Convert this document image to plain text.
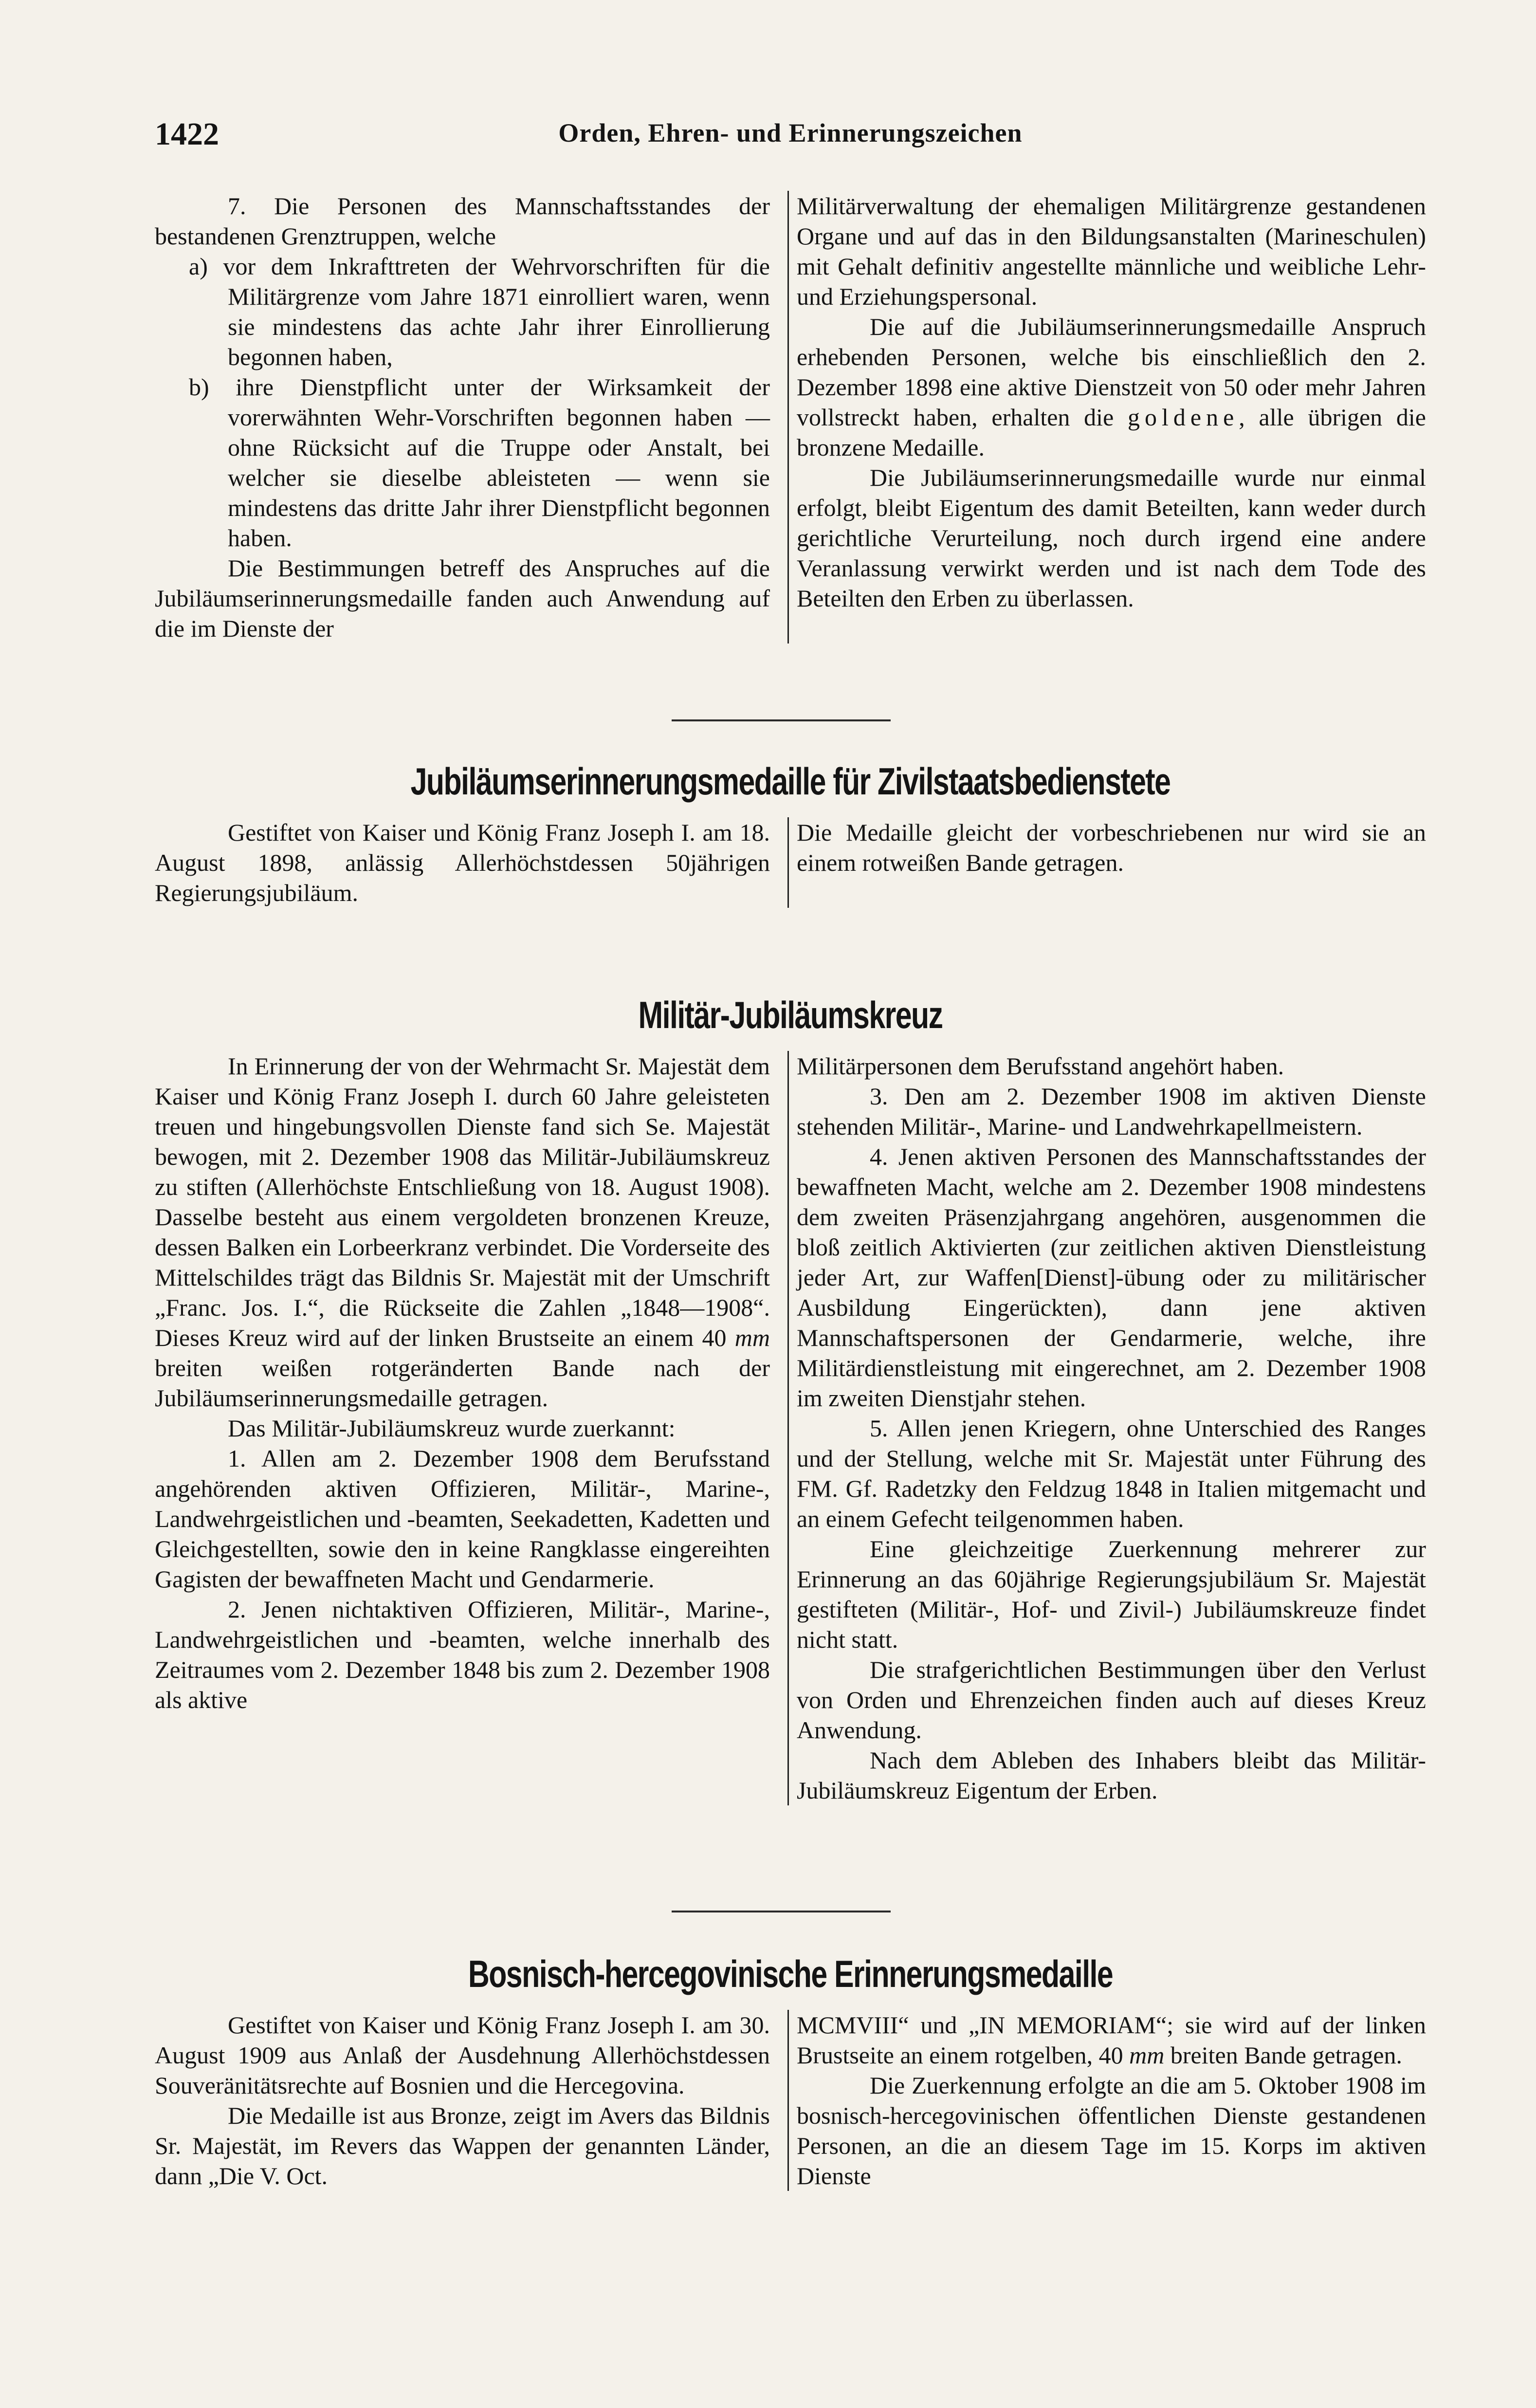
1422	Orden, Ehren- und Erinnerungszeichen

7. Die Personen des Mannschaftsstandes der bestandenen Grenztruppen, welche

a) vor dem Inkrafttreten der Wehrvorschriften für die Militärgrenze vom Jahre 1871 einrolliert waren, wenn sie mindestens das achte Jahr ihrer Einrollierung begonnen haben,

b) ihre Dienstpflicht unter der Wirksamkeit der vorerwähnten Wehr-Vorschriften begonnen haben — ohne Rücksicht auf die Truppe oder Anstalt, bei welcher sie dieselbe ableisteten — wenn sie mindestens das dritte Jahr ihrer Dienstpflicht begonnen haben.

Die Bestimmungen betreff des Anspruches auf die Jubiläumserinnerungsmedaille fanden auch Anwendung auf die im Dienste der

Militärverwaltung der ehemaligen Militärgrenze gestandenen Organe und auf das in den Bildungsanstalten (Marineschulen) mit Gehalt definitiv angestellte männliche und weibliche Lehr- und Erziehungspersonal.

Die auf die Jubiläumserinnerungsmedaille Anspruch erhebenden Personen, welche bis einschließlich den 2. Dezember 1898 eine aktive Dienstzeit von 50 oder mehr Jahren vollstreckt haben, erhalten die goldene, alle übrigen die bronzene Medaille.

Die Jubiläumserinnerungsmedaille wurde nur einmal erfolgt, bleibt Eigentum des damit Beteilten, kann weder durch gerichtliche Verurteilung, noch durch irgend eine andere Veranlassung verwirkt werden und ist nach dem Tode des Beteilten den Erben zu überlassen.

Jubiläumserinnerungsmedaille für Zivilstaatsbedienstete

Gestiftet von Kaiser und König Franz Joseph I. am 18. August 1898, anlässig Allerhöchstdessen 50jährigen Regierungsjubiläum.

Die Medaille gleicht der vorbeschriebenen nur wird sie an einem rotweißen Bande getragen.

Militär-Jubiläumskreuz

In Erinnerung der von der Wehrmacht Sr. Majestät dem Kaiser und König Franz Joseph I. durch 60 Jahre geleisteten treuen und hingebungsvollen Dienste fand sich Se. Majestät bewogen, mit 2. Dezember 1908 das Militär-Jubiläumskreuz zu stiften (Allerhöchste Entschließung von 18. August 1908). Dasselbe besteht aus einem vergoldeten bronzenen Kreuze, dessen Balken ein Lorbeerkranz verbindet. Die Vorderseite des Mittelschildes trägt das Bildnis Sr. Majestät mit der Umschrift „Franc. Jos. I.“, die Rückseite die Zahlen „1848—1908“. Dieses Kreuz wird auf der linken Brustseite an einem 40 mm breiten weißen rotgeränderten Bande nach der Jubiläumserinnerungsmedaille getragen.

Das Militär-Jubiläumskreuz wurde zuerkannt:

1. Allen am 2. Dezember 1908 dem Berufsstand angehörenden aktiven Offizieren, Militär-, Marine-, Landwehrgeistlichen und -beamten, Seekadetten, Kadetten und Gleichgestellten, sowie den in keine Rangklasse eingereihten Gagisten der bewaffneten Macht und Gendarmerie.

2. Jenen nichtaktiven Offizieren, Militär-, Marine-, Landwehrgeistlichen und -beamten, welche innerhalb des Zeitraumes vom 2. Dezember 1848 bis zum 2. Dezember 1908 als aktive

Militärpersonen dem Berufsstand angehört haben.

3. Den am 2. Dezember 1908 im aktiven Dienste stehenden Militär-, Marine- und Landwehrkapellmeistern.

4. Jenen aktiven Personen des Mannschaftsstandes der bewaffneten Macht, welche am 2. Dezember 1908 mindestens dem zweiten Präsenzjahrgang angehören, ausgenommen die bloß zeitlich Aktivierten (zur zeitlichen aktiven Dienstleistung jeder Art, zur Waffen[Dienst]-übung oder zu militärischer Ausbildung Eingerückten), dann jene aktiven Mannschaftspersonen der Gendarmerie, welche, ihre Militärdienstleistung mit eingerechnet, am 2. Dezember 1908 im zweiten Dienstjahr stehen.

5. Allen jenen Kriegern, ohne Unterschied des Ranges und der Stellung, welche mit Sr. Majestät unter Führung des FM. Gf. Radetzky den Feldzug 1848 in Italien mitgemacht und an einem Gefecht teilgenommen haben.

Eine gleichzeitige Zuerkennung mehrerer zur Erinnerung an das 60jährige Regierungsjubiläum Sr. Majestät gestifteten (Militär-, Hof- und Zivil-) Jubiläumskreuze findet nicht statt.

Die strafgerichtlichen Bestimmungen über den Verlust von Orden und Ehrenzeichen finden auch auf dieses Kreuz Anwendung.

Nach dem Ableben des Inhabers bleibt das Militär-Jubiläumskreuz Eigentum der Erben.

Bosnisch-hercegovinische Erinnerungsmedaille

Gestiftet von Kaiser und König Franz Joseph I. am 30. August 1909 aus Anlaß der Ausdehnung Allerhöchstdessen Souveränitätsrechte auf Bosnien und die Hercegovina.

Die Medaille ist aus Bronze, zeigt im Avers das Bildnis Sr. Majestät, im Revers das Wappen der genannten Länder, dann „Die V. Oct.

MCMVIII“ und „IN MEMORIAM“; sie wird auf der linken Brustseite an einem rotgelben, 40 mm breiten Bande getragen.

Die Zuerkennung erfolgte an die am 5. Oktober 1908 im bosnisch-hercegovinischen öffentlichen Dienste gestandenen Personen, an die an diesem Tage im 15. Korps im aktiven Dienste
